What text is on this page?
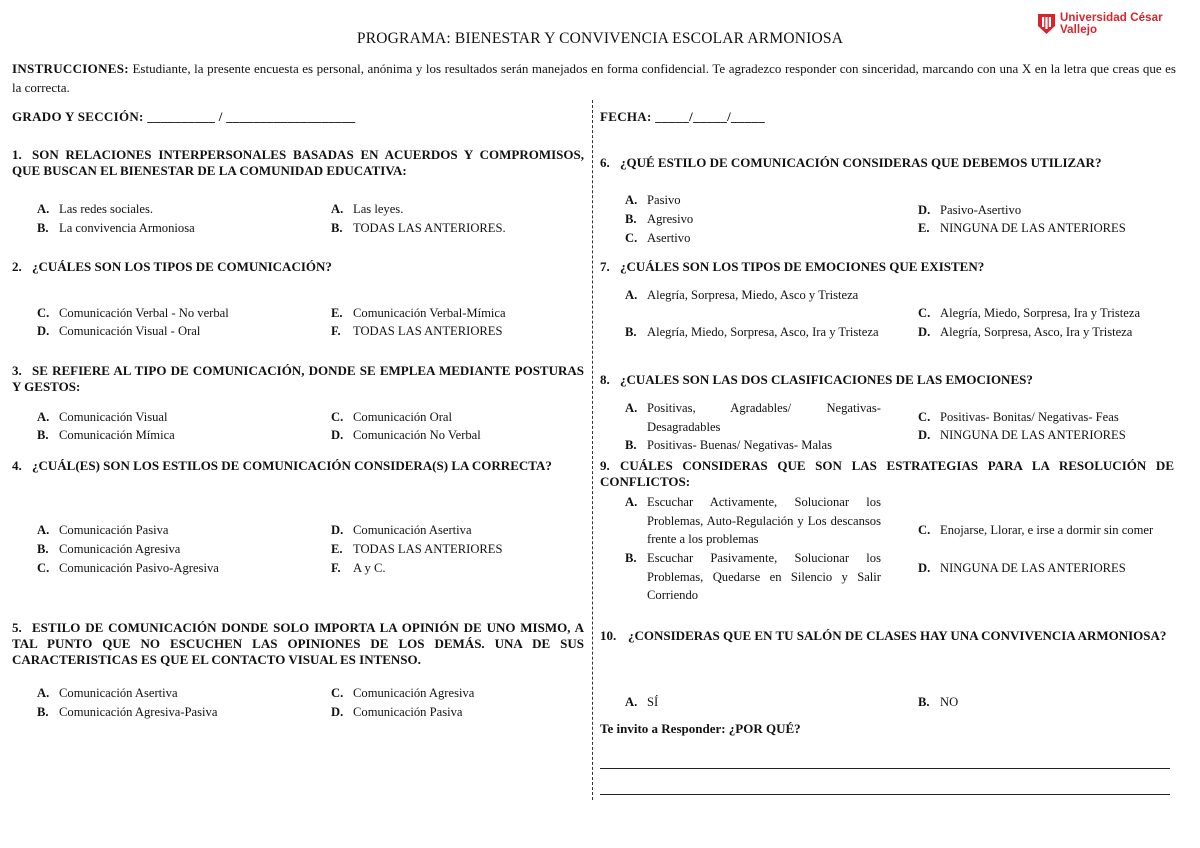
Universidad César Vallejo
PROGRAMA: BIENESTAR Y CONVIVENCIA ESCOLAR ARMONIOSA
INSTRUCCIONES: Estudiante, la presente encuesta es personal, anónima y los resultados serán manejados en forma confidencial. Te agradezco responder con sinceridad, marcando con una X en la letra que creas que es la correcta.
GRADO Y SECCIÓN: __________ / ___________________	FECHA: _____/_____/_____
1. SON RELACIONES INTERPERSONALES BASADAS EN ACUERDOS Y COMPROMISOS, QUE BUSCAN EL BIENESTAR DE LA COMUNIDAD EDUCATIVA:
A. Las redes sociales.
B. La convivencia Armoniosa
A. Las leyes.
B. TODAS LAS ANTERIORES.
2. ¿CUÁLES SON LOS TIPOS DE COMUNICACIÓN?
C. Comunicación Verbal - No verbal
D. Comunicación Visual - Oral
E. Comunicación Verbal-Mímica
F. TODAS LAS ANTERIORES
3. SE REFIERE AL TIPO DE COMUNICACIÓN, DONDE SE EMPLEA MEDIANTE POSTURAS Y GESTOS:
A. Comunicación Visual
B. Comunicación Mímica
C. Comunicación Oral
D. Comunicación No Verbal
4. ¿CUÁL(ES) SON LOS ESTILOS DE COMUNICACIÓN CONSIDERA(S) LA CORRECTA?
A. Comunicación Pasiva
B. Comunicación Agresiva
C. Comunicación Pasivo-Agresiva
D. Comunicación Asertiva
E. TODAS LAS ANTERIORES
F. A y C.
5. ESTILO DE COMUNICACIÓN DONDE SOLO IMPORTA LA OPINIÓN DE UNO MISMO, A TAL PUNTO QUE NO ESCUCHEN LAS OPINIONES DE LOS DEMÁS. UNA DE SUS CARACTERISTICAS ES QUE EL CONTACTO VISUAL ES INTENSO.
A. Comunicación Asertiva
B. Comunicación Agresiva-Pasiva
C. Comunicación Agresiva
D. Comunicación Pasiva
6. ¿QUÉ ESTILO DE COMUNICACIÓN CONSIDERAS QUE DEBEMOS UTILIZAR?
A. Pasivo
B. Agresivo
C. Asertivo
D. Pasivo-Asertivo
E. NINGUNA DE LAS ANTERIORES
7. ¿CUÁLES SON LOS TIPOS DE EMOCIONES QUE EXISTEN?
A. Alegría, Sorpresa, Miedo, Asco y Tristeza
B. Alegría, Miedo, Sorpresa, Asco, Ira y Tristeza
C. Alegría, Miedo, Sorpresa, Ira y Tristeza
D. Alegría, Sorpresa, Asco, Ira y Tristeza
8. ¿CUALES SON LAS DOS CLASIFICACIONES DE LAS EMOCIONES?
A. Positivas, Agradables/ Negativas-Desagradables
B. Positivas- Buenas/ Negativas- Malas
C. Positivas- Bonitas/ Negativas- Feas
D. NINGUNA DE LAS ANTERIORES
9. CUÁLES CONSIDERAS QUE SON LAS ESTRATEGIAS PARA LA RESOLUCIÓN DE CONFLICTOS:
A. Escuchar Activamente, Solucionar los Problemas, Auto-Regulación y Los descansos frente a los problemas
B. Escuchar Pasivamente, Solucionar los Problemas, Quedarse en Silencio y Salir Corriendo
C. Enojarse, Llorar, e irse a dormir sin comer
D. NINGUNA DE LAS ANTERIORES
10. ¿CONSIDERAS QUE EN TU SALÓN DE CLASES HAY UNA CONVIVENCIA ARMONIOSA?
A. SÍ	B. NO
Te invito a Responder: ¿POR QUÉ?
